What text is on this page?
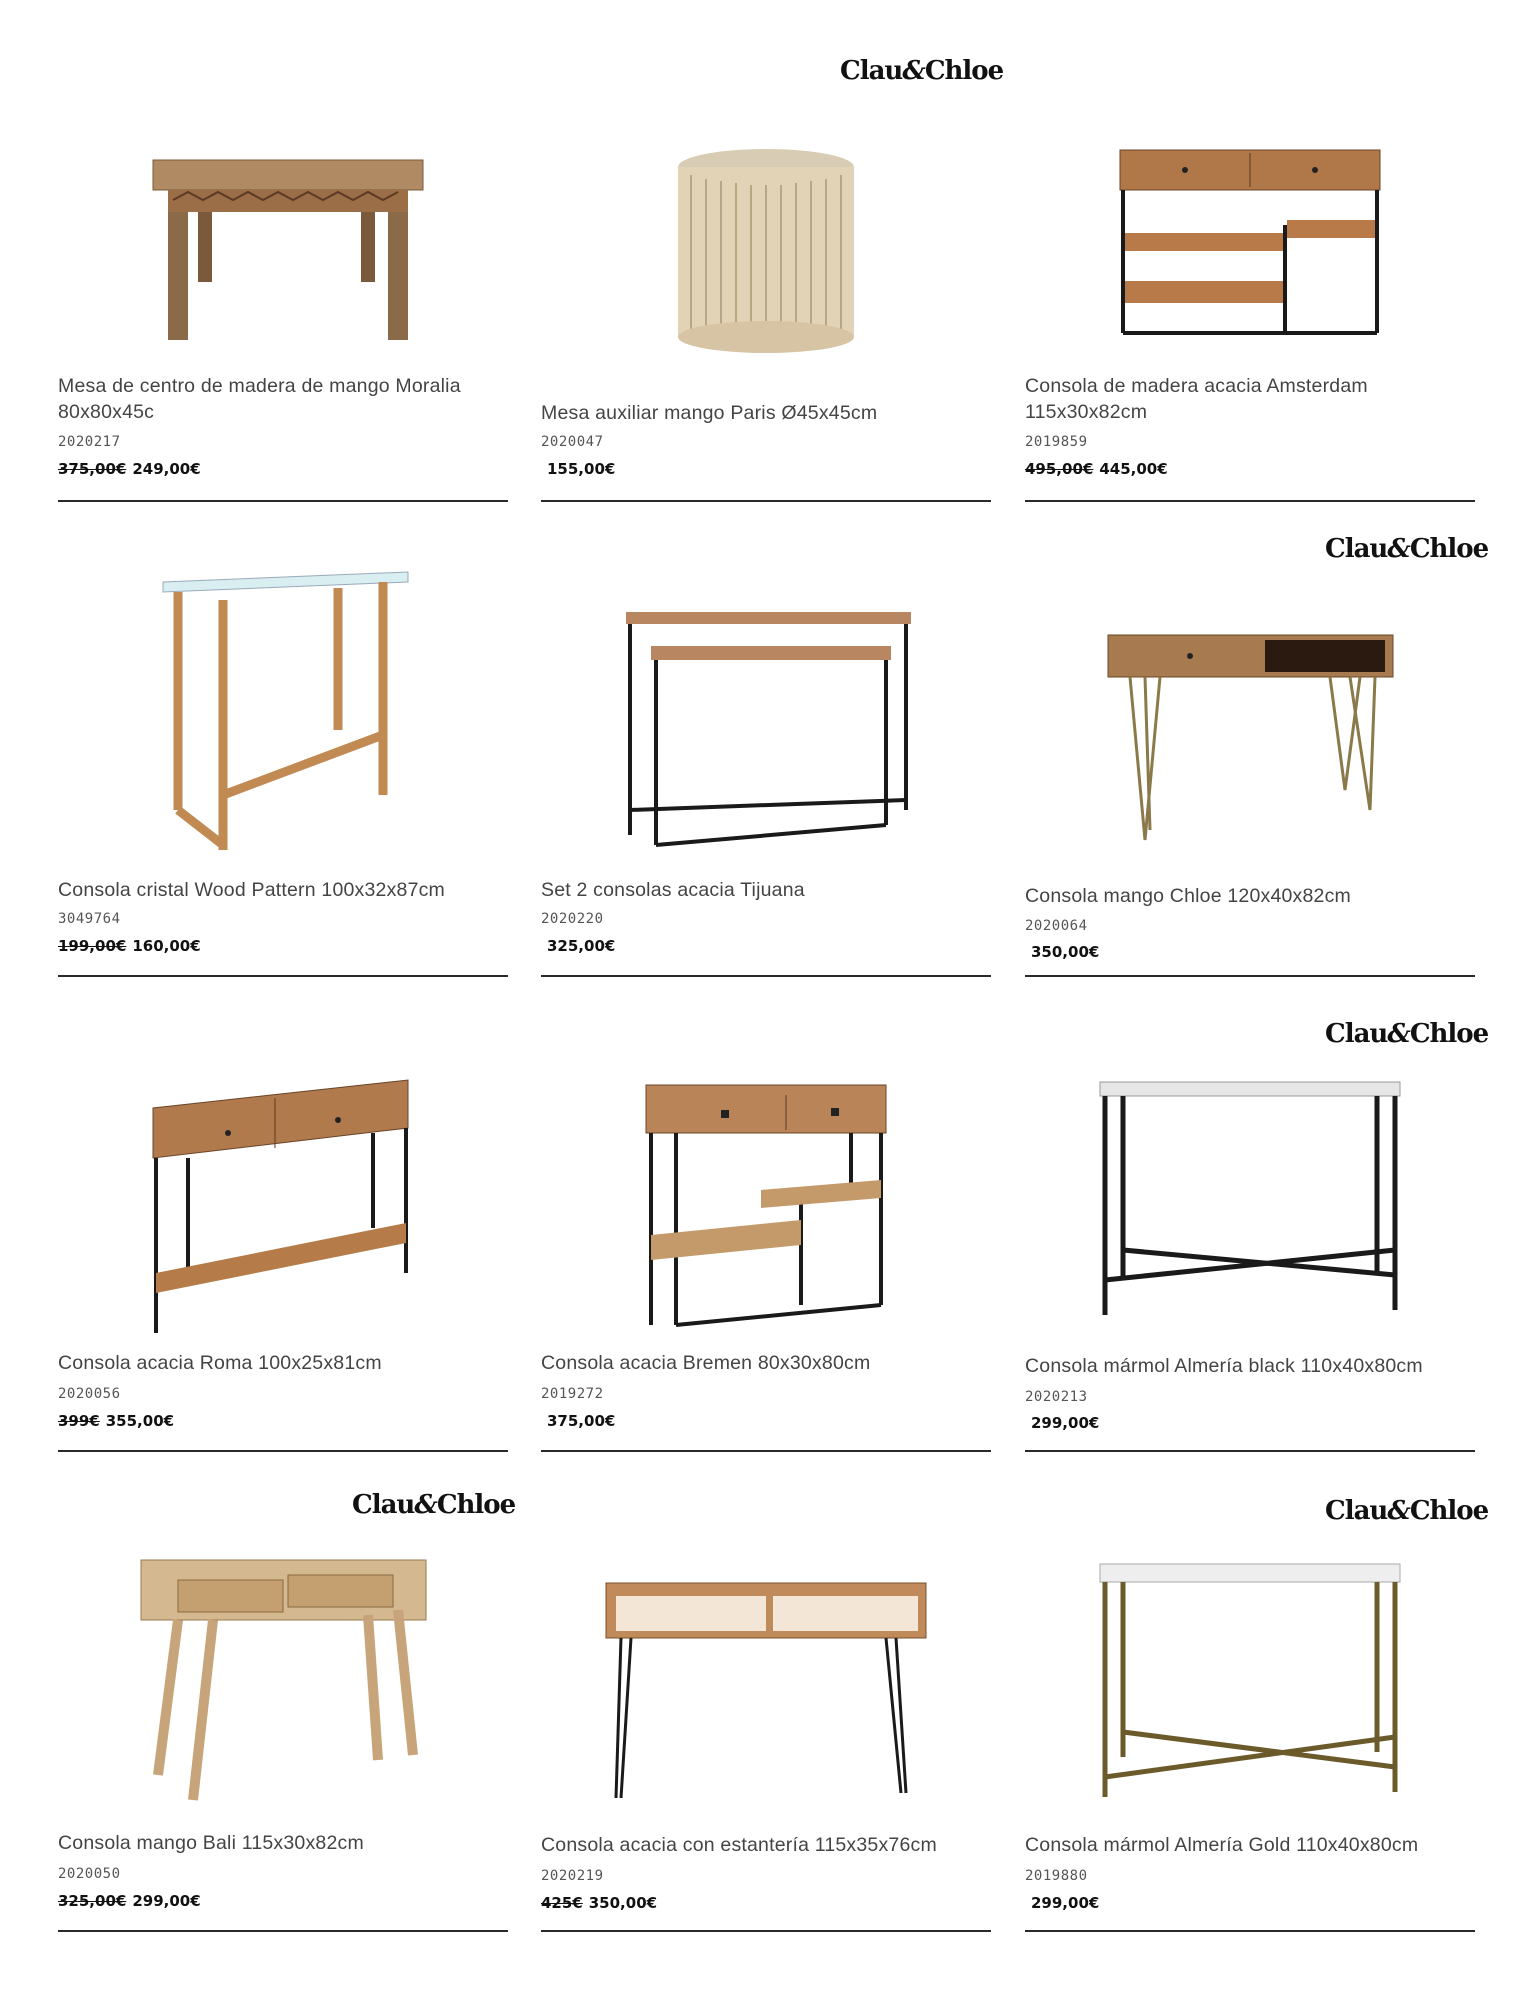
Clau&Chloe
Clau&Chloe
Clau&Chloe
Clau&Chloe	Clau&Chloe
Mesa de centro de madera de mango Moralia 80x80x45c
2020217
375,00€ 249,00€
Mesa auxiliar mango Paris Ø45x45cm
2020047
155,00€
Consola de madera acacia Amsterdam 115x30x82cm
2019859
495,00€ 445,00€
Consola cristal Wood Pattern 100x32x87cm
3049764
199,00€ 160,00€
Set 2 consolas acacia Tijuana
2020220
325,00€
Consola mango Chloe 120x40x82cm
2020064
350,00€
Consola acacia Roma 100x25x81cm
2020056
399€ 355,00€
Consola acacia Bremen 80x30x80cm
2019272
375,00€
Consola mármol Almería black 110x40x80cm
2020213
299,00€
Consola mango Bali 115x30x82cm
2020050
325,00€ 299,00€
Consola acacia con estantería 115x35x76cm
2020219
425€ 350,00€
Consola mármol Almería Gold 110x40x80cm
2019880
299,00€
